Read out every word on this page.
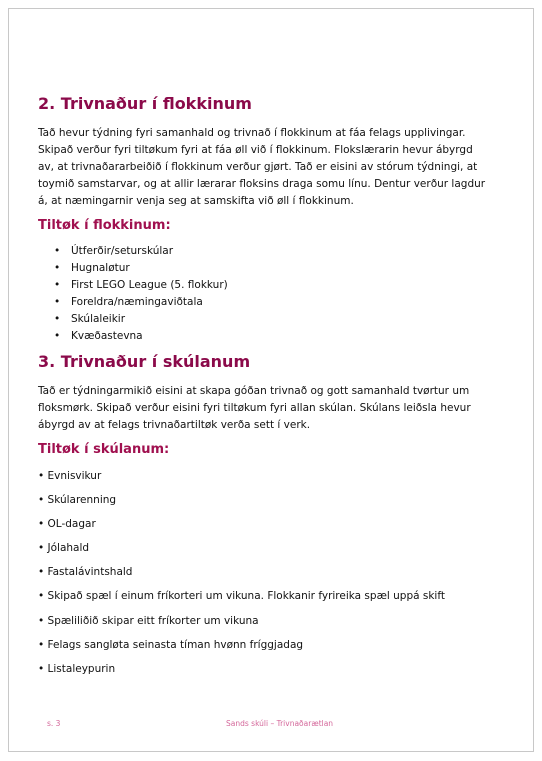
2. Trivnaður í flokkinum

Tað hevur týdning fyri samanhald og trivnað í flokkinum at fáa felags upplivingar. Skipað verður fyri tiltøkum fyri at fáa øll við í flokkinum. Flokslærarin hevur ábyrgd av, at trivnaðararbeiðið í flokkinum verður gjørt. Tað er eisini av stórum týdningi, at toymið samstarvar, og at allir lærarar floksins draga somu línu. Dentur verður lagdur á, at næmingarnir venja seg at samskifta við øll í flokkinum.

Tiltøk í flokkinum:
• Útferðir/seturskúlar
• Hugnaløtur
• First LEGO League (5. flokkur)
• Foreldra/næmingaviðtala
• Skúlaleikir
• Kvæðastevna
3. Trivnaður í skúlanum

Tað er týdningarmikið eisini at skapa góðan trivnað og gott samanhald tvørtur um floksmørk. Skipað verður eisini fyri tiltøkum fyri allan skúlan. Skúlans leiðsla hevur ábyrgd av at felags trivnaðartiltøk verða sett í verk.

Tiltøk í skúlanum:
• Evnisvikur
• Skúlarenning
• OL-dagar
• Jólahald
• Fastalávintshald
• Skipað spæl í einum fríkorteri um vikuna. Flokkanir fyrireika spæl uppá skift
• Spæliliðið skipar eitt fríkorter um vikuna
• Felags sangløta seinasta tíman hvønn fríggjadag
• Listaleypurin
s. 3	Sands skúli – Trivnaðarætlan
